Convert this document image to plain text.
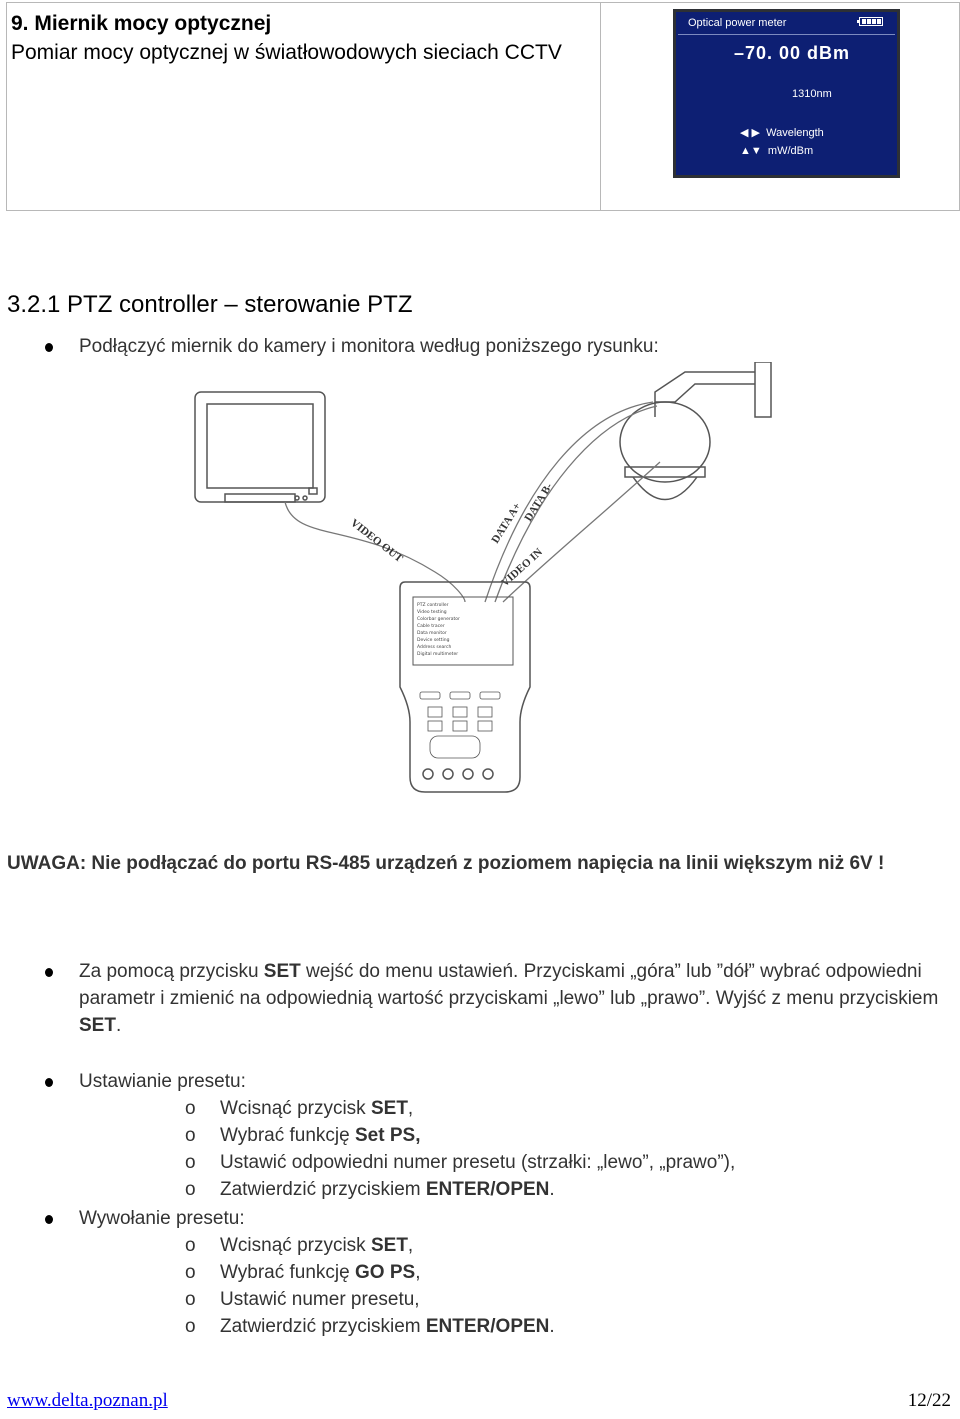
9. Miernik mocy optycznej
Pomiar mocy optycznej w światłowodowych sieciach CCTV
Optical power meter
–70. 00 dBm
1310nm
◀ ▶ Wavelength
▲▼ mW/dBm
3.2.1 PTZ controller – sterowanie PTZ
Podłączyć miernik do kamery i monitora według poniższego rysunku:
VIDEO OUT	DATA A+
DATA B-
VIDEO IN
PTZ controller
Video testing
Colorbar generator
Cable tracer
Data monitor
Device setting
Address search
Digital multimeter
UWAGA: Nie podłączać do portu RS-485 urządzeń z poziomem napięcia na linii większym niż 6V !
Za pomocą przycisku SET wejść do menu ustawień. Przyciskami „góra” lub ”dół” wybrać odpowiedni parametr i zmienić na odpowiednią wartość przyciskami „lewo” lub „prawo”. Wyjść z menu przyciskiem SET.
Ustawianie presetu:
o Wcisnąć przycisk SET,
o Wybrać funkcję Set PS,
o Ustawić odpowiedni numer presetu (strzałki: „lewo”, „prawo”),
o Zatwierdzić przyciskiem ENTER/OPEN.
Wywołanie presetu:
o Wcisnąć przycisk SET,
o Wybrać funkcję GO PS,
o Ustawić numer presetu,
o Zatwierdzić przyciskiem ENTER/OPEN.
www.delta.poznan.pl	12/22
